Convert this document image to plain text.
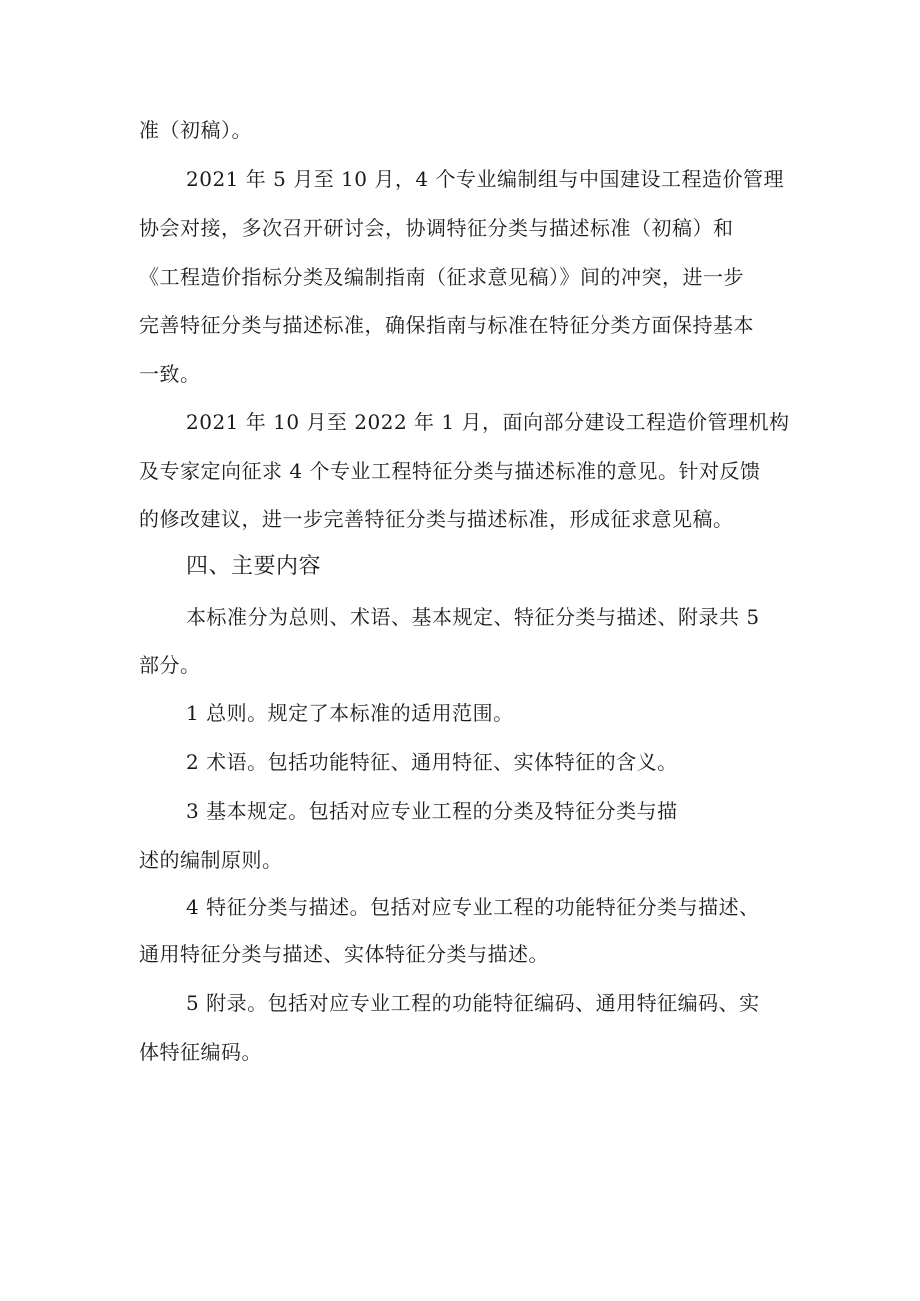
准（初稿）。

2021 年 5 月至 10 月，4 个专业编制组与中国建设工程造价管理

协会对接，多次召开研讨会，协调特征分类与描述标准（初稿）和

《工程造价指标分类及编制指南（征求意见稿）》间的冲突，进一步

完善特征分类与描述标准，确保指南与标准在特征分类方面保持基本

一致。

2021 年 10 月至 2022 年 1 月，面向部分建设工程造价管理机构

及专家定向征求 4 个专业工程特征分类与描述标准的意见。针对反馈

的修改建议，进一步完善特征分类与描述标准，形成征求意见稿。

四、主要内容

本标准分为总则、术语、基本规定、特征分类与描述、附录共 5

部分。

1 总则。规定了本标准的适用范围。

2 术语。包括功能特征、通用特征、实体特征的含义。

3 基本规定。包括对应专业工程的分类及特征分类与描

述的编制原则。

4 特征分类与描述。包括对应专业工程的功能特征分类与描述、

通用特征分类与描述、实体特征分类与描述。

5 附录。包括对应专业工程的功能特征编码、通用特征编码、实

体特征编码。
